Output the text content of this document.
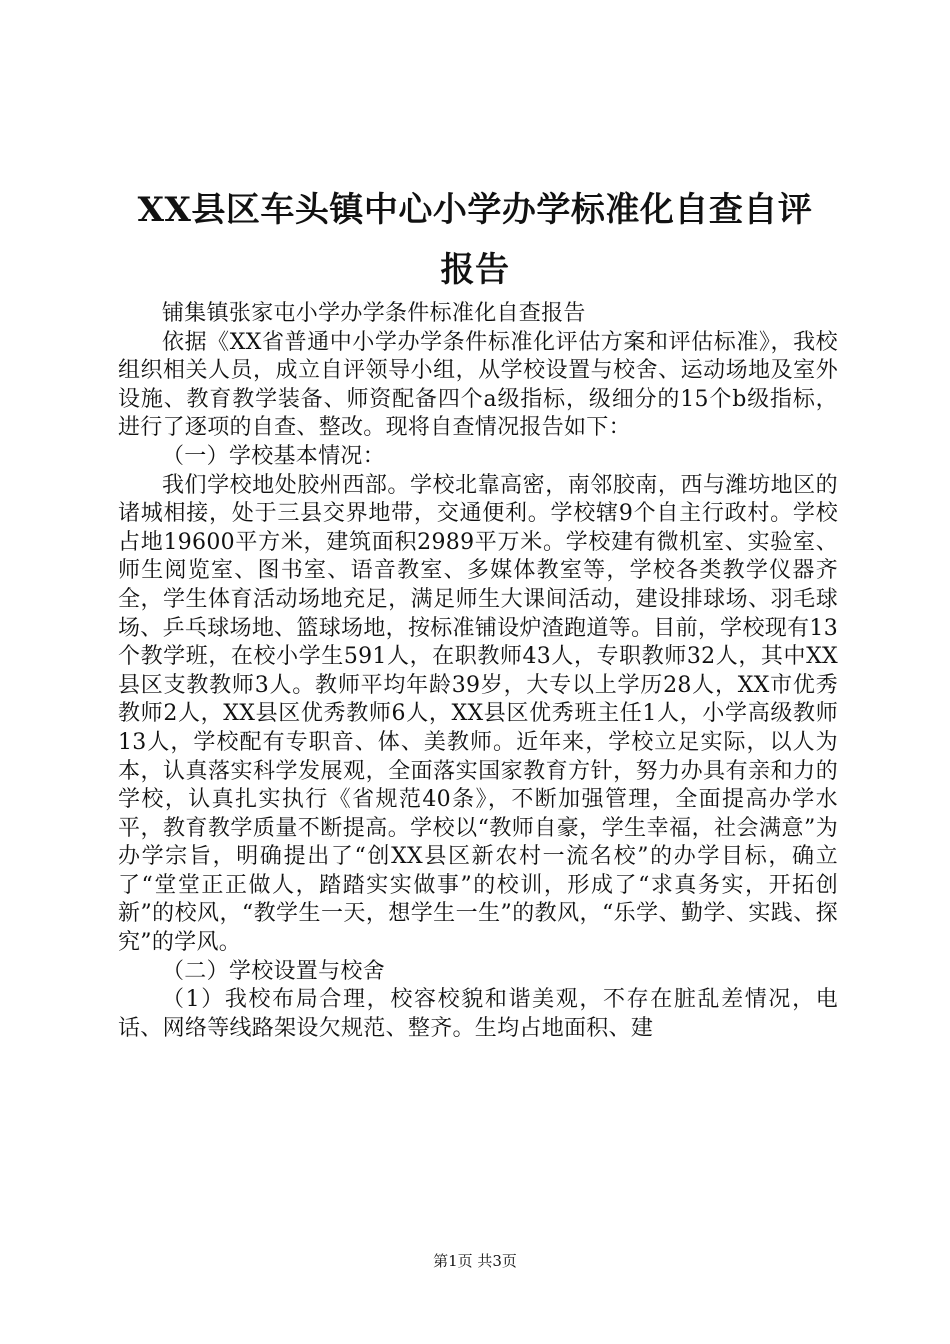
XX县区车头镇中心小学办学标准化自查自评
报告

铺集镇张家屯小学办学条件标准化自查报告

依据《XX省普通中小学办学条件标准化评估方案和评估标准》，我校组织相关人员，成立自评领导小组，从学校设置与校舍、运动场地及室外设施、教育教学装备、师资配备四个a级指标，级细分的15个b级指标，进行了逐项的自查、整改。现将自查情况报告如下：

（一）学校基本情况：

我们学校地处胶州西部。学校北靠高密，南邻胶南，西与潍坊地区的诸城相接，处于三县交界地带，交通便利。学校辖9个自主行政村。学校占地19600平方米，建筑面积2989平万米。学校建有微机室、实验室、师生阅览室、图书室、语音教室、多媒体教室等，学校各类教学仪器齐全，学生体育活动场地充足，满足师生大课间活动，建设排球场、羽毛球场、乒乓球场地、篮球场地，按标准铺设炉渣跑道等。目前，学校现有13个教学班，在校小学生591人，在职教师43人，专职教师32人，其中XX县区支教教师3人。教师平均年龄39岁，大专以上学历28人，XX市优秀教师2人，XX县区优秀教师6人，XX县区优秀班主任1人，小学高级教师13人，学校配有专职音、体、美教师。近年来，学校立足实际，以人为本，认真落实科学发展观，全面落实国家教育方针，努力办具有亲和力的学校，认真扎实执行《省规范40条》，不断加强管理，全面提高办学水平，教育教学质量不断提高。学校以“教师自豪，学生幸福，社会满意”为办学宗旨，明确提出了“创XX县区新农村一流名校”的办学目标，确立了“堂堂正正做人，踏踏实实做事”的校训，形成了“求真务实，开拓创新”的校风，“教学生一天，想学生一生”的教风，“乐学、勤学、实践、探究”的学风。

（二）学校设置与校舍

（1）我校布局合理，校容校貌和谐美观，不存在脏乱差情况，电话、网络等线路架设欠规范、整齐。生均占地面积、建

第1页 共3页
